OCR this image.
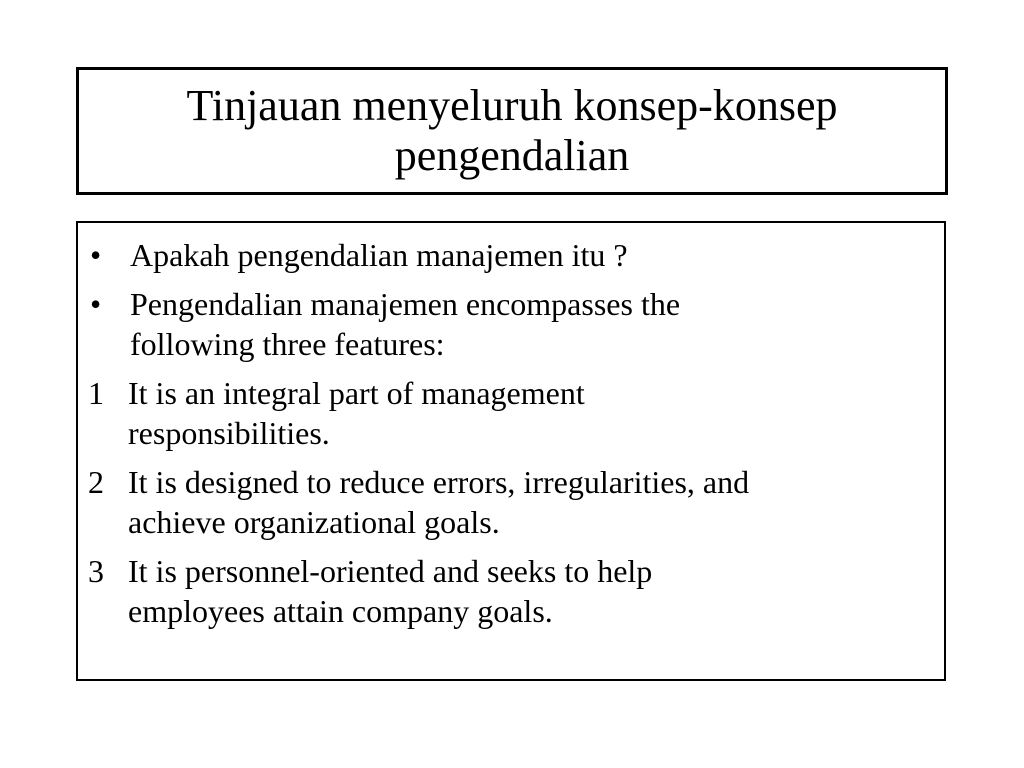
Tinjauan menyeluruh konsep-konsep
pengendalian
• Apakah pengendalian manajemen itu ?
• Pengendalian manajemen encompasses the
following three features:
1 It is an integral part of management
responsibilities.
2 It is designed to reduce errors, irregularities, and
achieve organizational goals.
3 It is personnel-oriented and seeks to help
employees attain company goals.
